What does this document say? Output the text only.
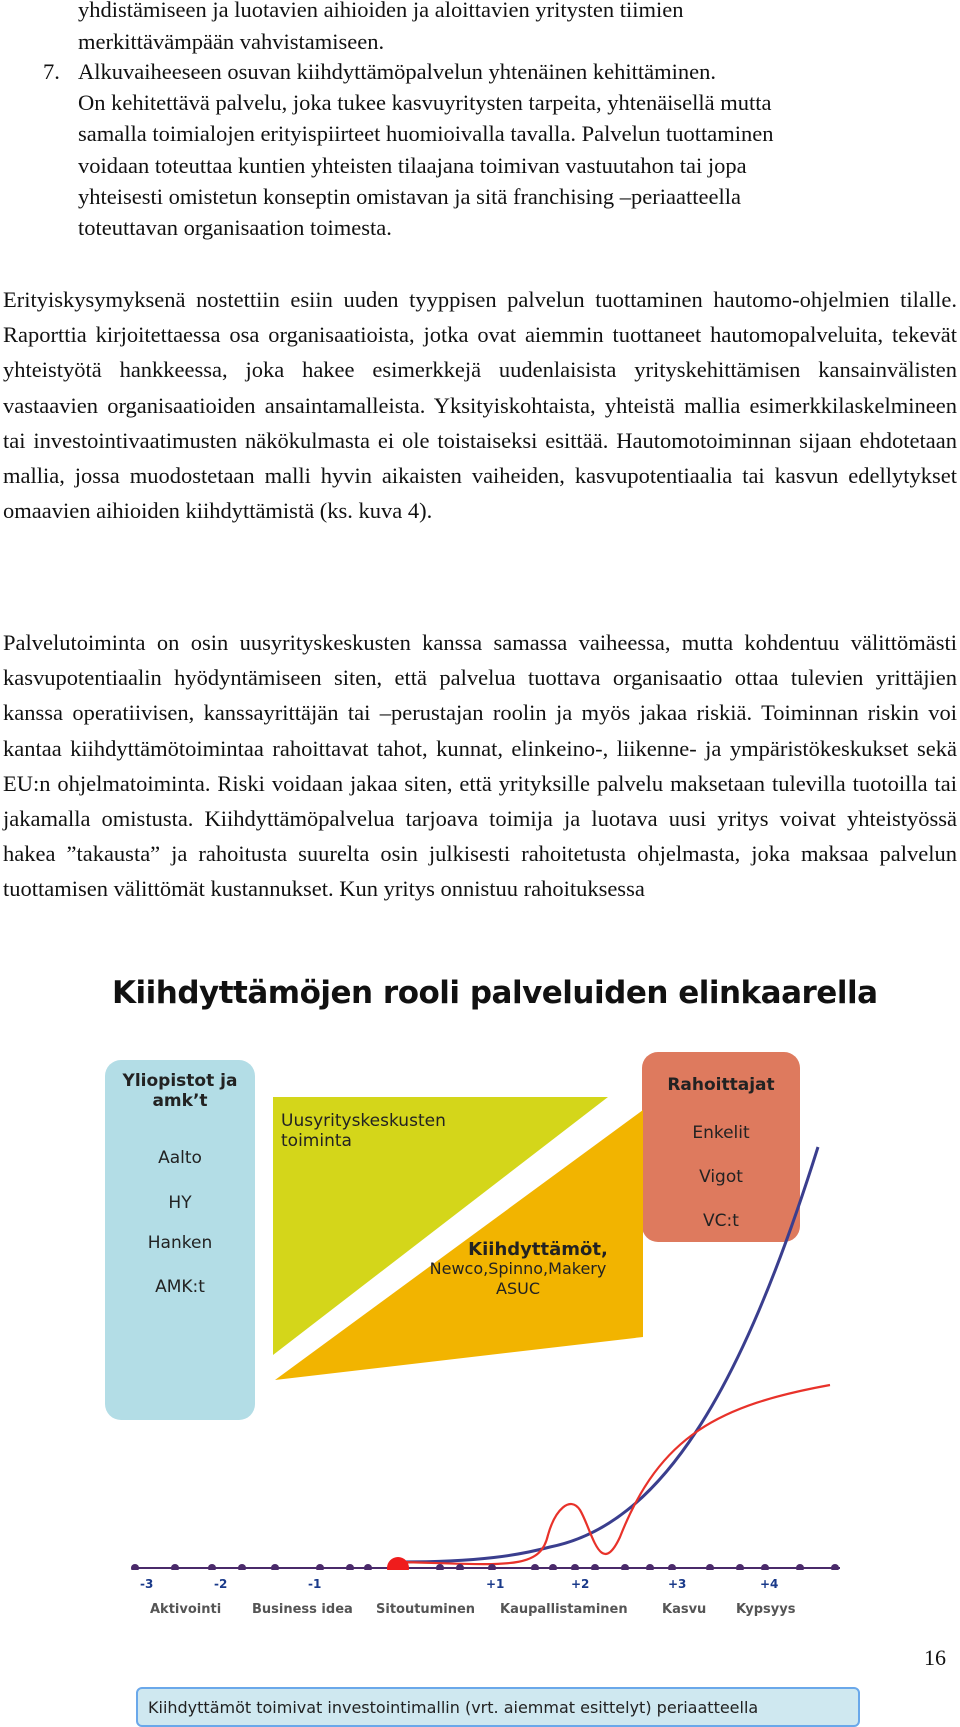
yhdistämiseen ja luotavien aihioiden ja aloittavien yritysten tiimien
merkittävämpään vahvistamiseen.
7. Alkuvaiheeseen osuvan kiihdyttämöpalvelun yhtenäinen kehittäminen.
On kehitettävä palvelu, joka tukee kasvuyritysten tarpeita, yhtenäisellä mutta
samalla toimialojen erityispiirteet huomioivalla tavalla. Palvelun tuottaminen
voidaan toteuttaa kuntien yhteisten tilaajana toimivan vastuutahon tai jopa
yhteisesti omistetun konseptin omistavan ja sitä franchising –periaatteella
toteuttavan organisaation toimesta.
Erityiskysymyksenä nostettiin esiin uuden tyyppisen palvelun tuottaminen hautomo-ohjelmien tilalle. Raporttia kirjoitettaessa osa organisaatioista, jotka ovat aiemmin tuottaneet hautomopalveluita, tekevät yhteistyötä hankkeessa, joka hakee esimerkkejä uudenlaisista yrityskehittämisen kansainvälisten vastaavien organisaatioiden ansaintamalleista. Yksityiskohtaista, yhteistä mallia esimerkkilaskelmineen tai investointivaatimusten näkökulmasta ei ole toistaiseksi esittää. Hautomotoiminnan sijaan ehdotetaan mallia, jossa muodostetaan malli hyvin aikaisten vaiheiden, kasvupotentiaalia tai kasvun edellytykset omaavien aihioiden kiihdyttämistä (ks. kuva 4).
Palvelutoiminta on osin uusyrityskeskusten kanssa samassa vaiheessa, mutta kohdentuu välittömästi kasvupotentiaalin hyödyntämiseen siten, että palvelua tuottava organisaatio ottaa tulevien yrittäjien kanssa operatiivisen, kanssayrittäjän tai –perustajan roolin ja myös jakaa riskiä. Toiminnan riskin voi kantaa kiihdyttämötoimintaa rahoittavat tahot, kunnat, elinkeino-, liikenne- ja ympäristökeskukset sekä EU:n ohjelmatoiminta. Riski voidaan jakaa siten, että yrityksille palvelu maksetaan tulevilla tuotoilla tai jakamalla omistusta. Kiihdyttämöpalvelua tarjoava toimija ja luotava uusi yritys voivat yhteistyössä hakea ”takausta” ja rahoitusta suurelta osin julkisesti rahoitetusta ohjelmasta, joka maksaa palvelun tuottamisen välittömät kustannukset. Kun yritys onnistuu rahoituksessa
Kiihdyttämöjen rooli palveluiden elinkaarella
Yliopistot ja
amk’t
Aalto
HY
Hanken
AMK:t
Uusyrityskeskusten
toiminta
Kiihdyttämöt,
Newco,Spinno,Makery
ASUC
Rahoittajat
Enkelit
Vigot
VC:t
-3	-2	-1	+1	+2	+3	+4
Aktivointi Business idea Sitoutuminen Kaupallistaminen	Kasvu Kypsyys
Kiihdyttämöt toimivat investointimallin (vrt. aiemmat esittelyt) periaatteella
16
